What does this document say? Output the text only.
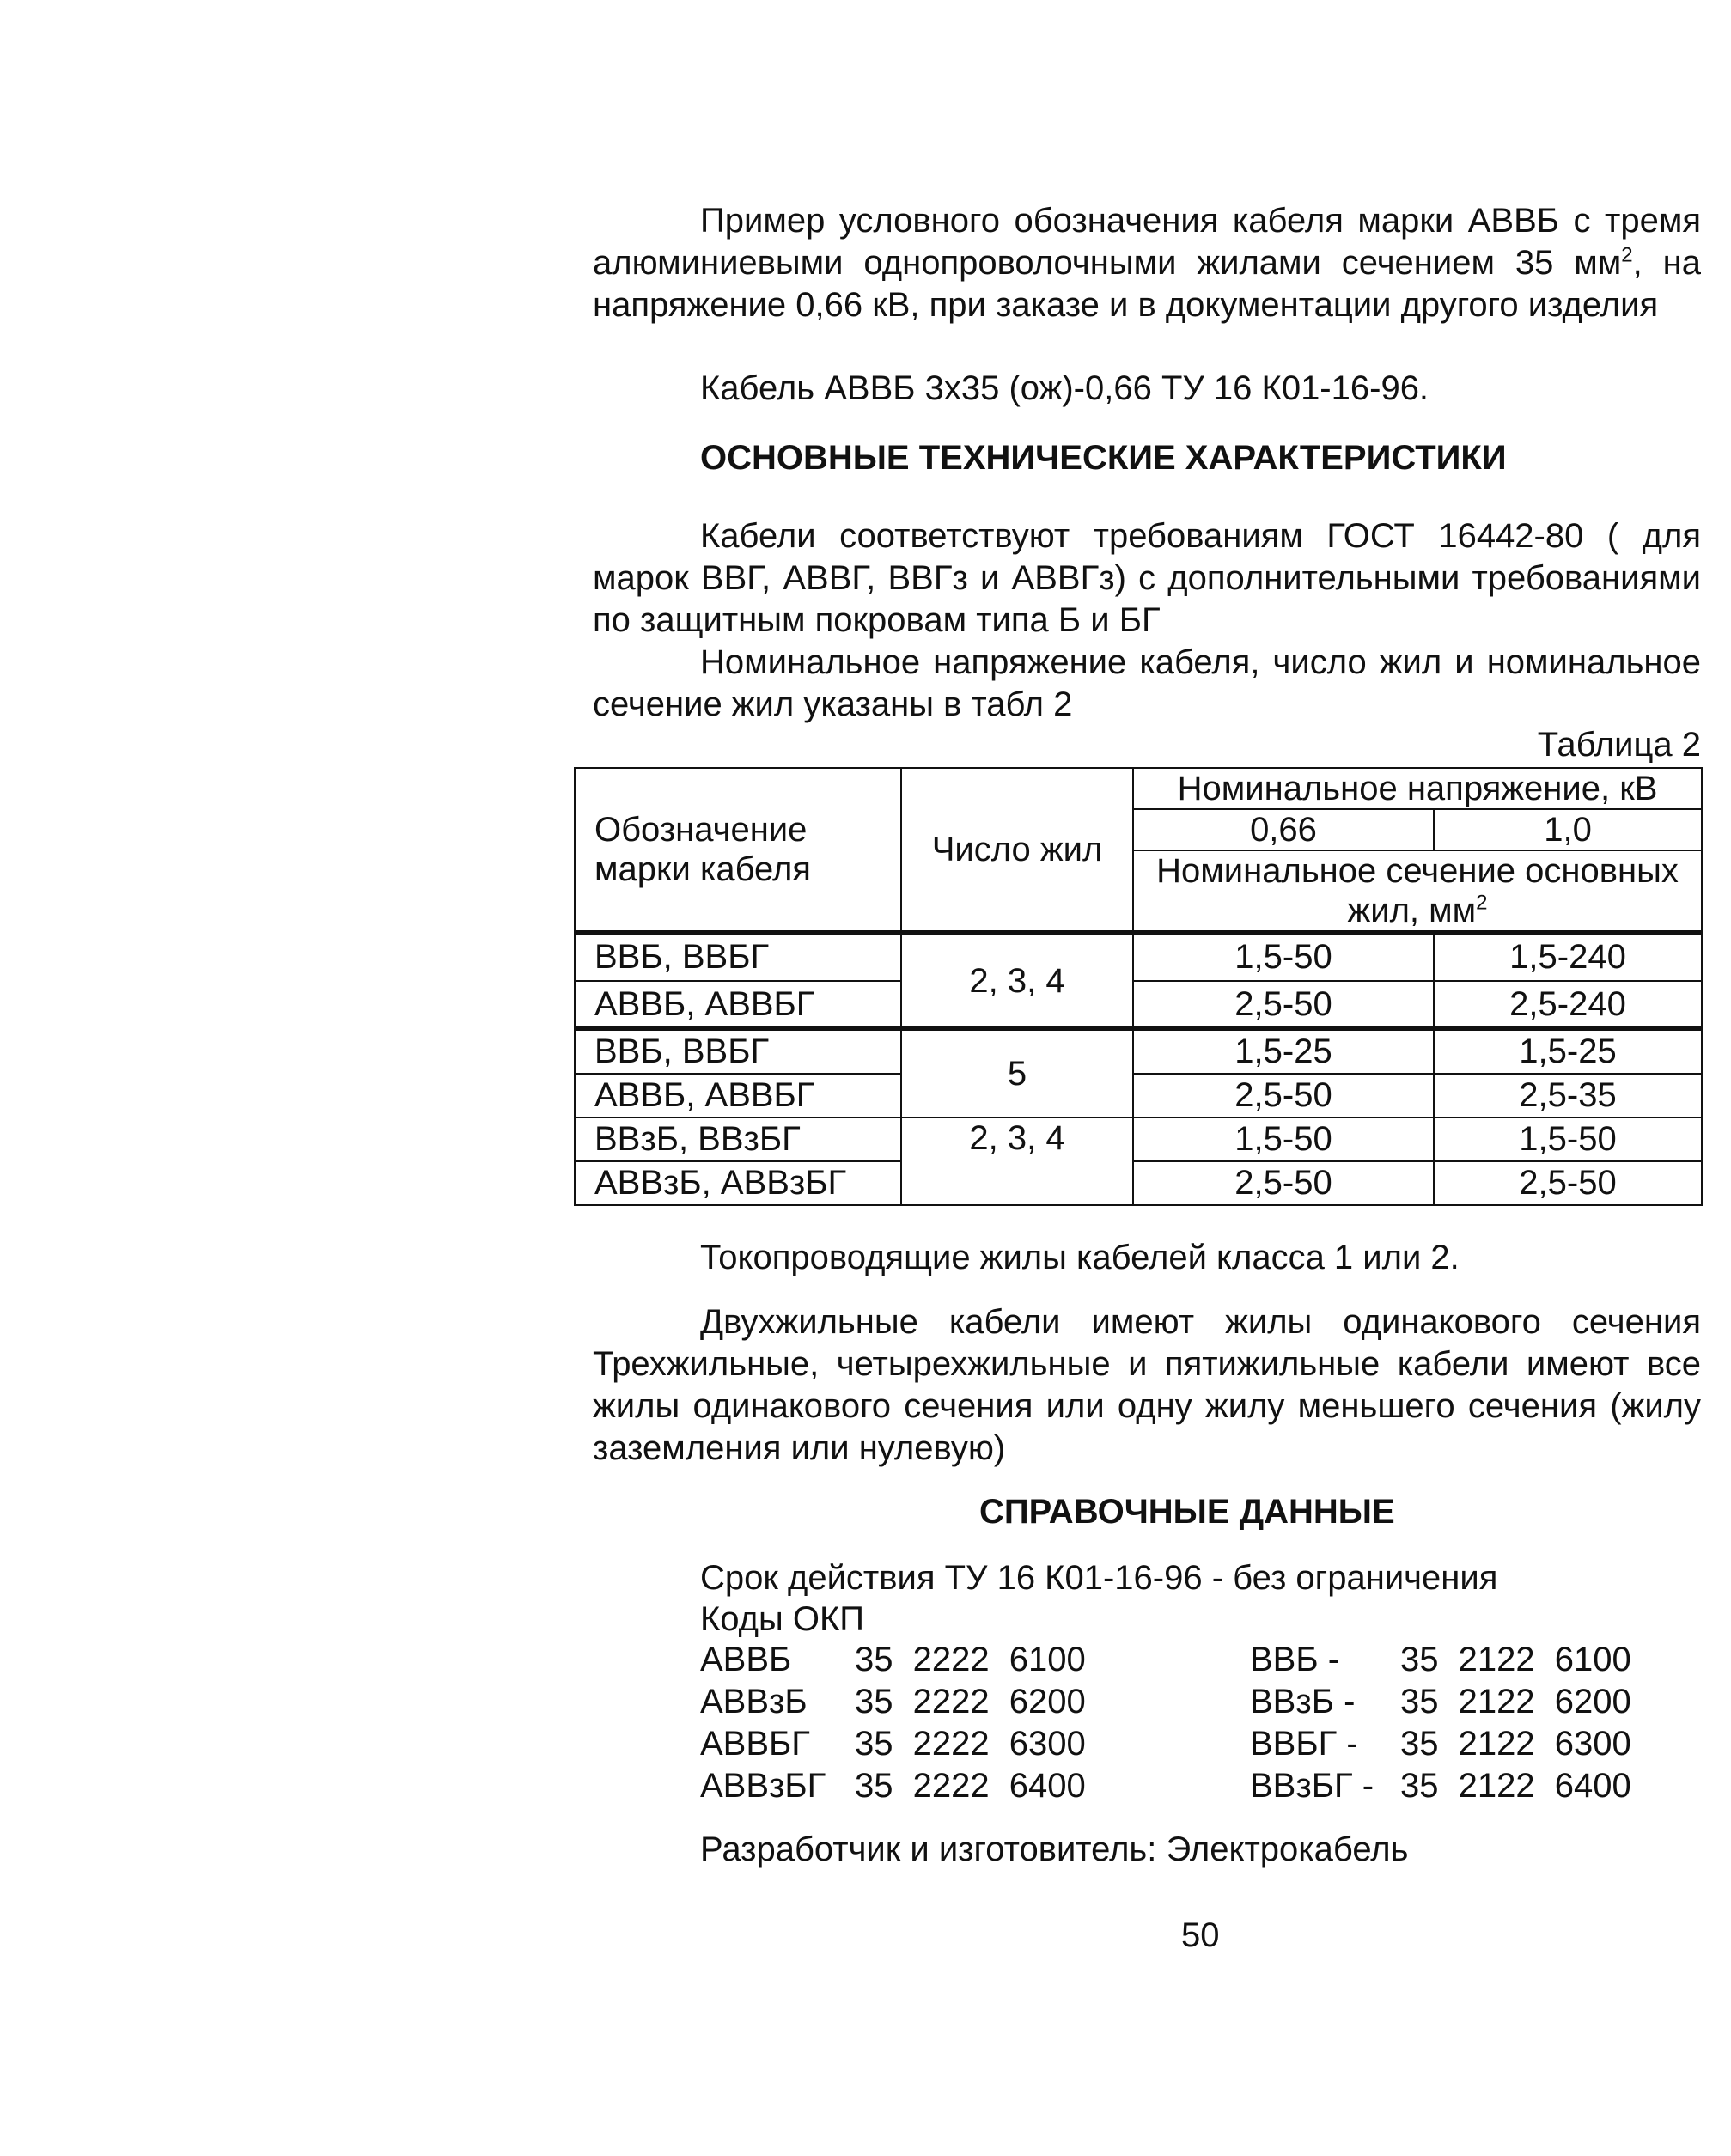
Пример условного обозначения кабеля марки АВВБ с тремя алюминиевыми однопроволочными жилами сечением 35 $мм^2$, на напряжение 0,66 кВ, при заказе и в документации другого изделия

Кабель АВВБ 3х35 (ож)-0,66 ТУ 16 К01-16-96.

ОСНОВНЫЕ ТЕХНИЧЕСКИЕ ХАРАКТЕРИСТИКИ

Кабели соответствуют требованиям ГОСТ 16442-80 ( для марок ВВГ, АВВГ, ВВГз и АВВГз) с дополнительными требованиями по защитным покровам типа Б и БГ

Номинальное напряжение кабеля, число жил и номинальное сечение жил указаны в табл 2

Таблица 2
Обозначение марки кабеля	Число жил	Номинальное напряжение, кВ	
		0,66	1,0
		Номинальное сечение основных жил, $мм^2$
ВВБ, ВВБГ	2, 3, 4	1,5-50	1,5-240
АВВБ, АВВБГ		2,5-50	2,5-240
ВВБ, ВВБГ	5	1,5-25	1,5-25
АВВБ, АВВБГ		2,5-50	2,5-35
ВВзБ, ВВзБГ	2, 3, 4	1,5-50	1,5-50
АВВзБ, АВВзБГ		2,5-50	2,5-50

Токопроводящие жилы кабелей класса 1 или 2.

Двухжильные кабели имеют жилы одинакового сечения Трехжильные, четырехжильные и пятижильные кабели имеют все жилы одинакового сечения или одну жилу меньшего сечения (жилу заземления или нулевую)

СПРАВОЧНЫЕ ДАННЫЕ
Срок действия ТУ 16 К01-16-96 - без ограничения
Коды ОКП
АВВБ 35 2222 6100	ВВБ - 35 2122 6100
АВВзБ 35 2222 6200	ВВзБ - 35 2122 6200
АВВБГ 35 2222 6300	ВВБГ - 35 2122 6300
АВВзБГ 35 2222 6400	ВВзБГ - 35 2122 6400
Разработчик и изготовитель: Электрокабель
50
